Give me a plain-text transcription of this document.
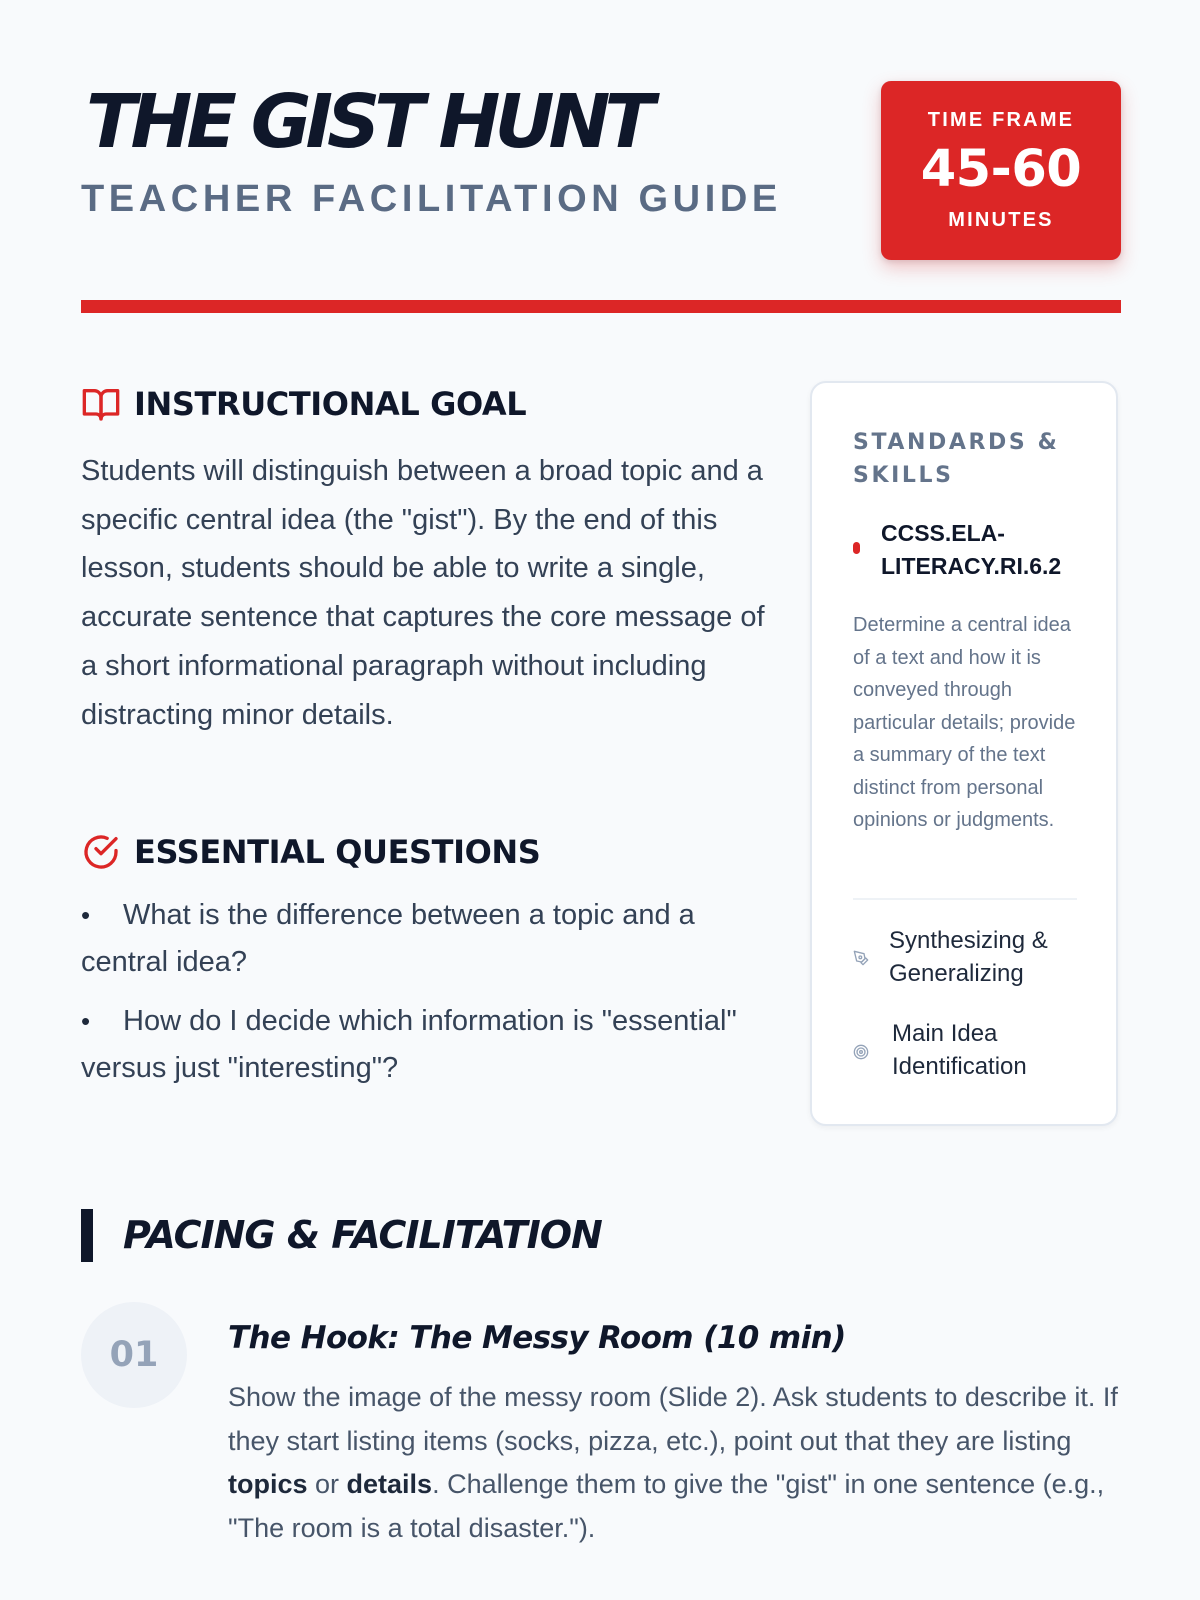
THE GIST HUNT
TEACHER FACILITATION GUIDE
TIME FRAME
45-60
MINUTES
INSTRUCTIONAL GOAL

Students will distinguish between a broad topic and a specific central idea (the "gist"). By the end of this lesson, students should be able to write a single, accurate sentence that captures the core message of a short informational paragraph without including distracting minor details.

ESSENTIAL QUESTIONS
• What is the difference between a topic and a central idea?
• How do I decide which information is "essential" versus just "interesting"?
STANDARDS & SKILLS
CCSS.ELA-LITERACY.RI.6.2

Determine a central idea of a text and how it is conveyed through particular details; provide a summary of the text distinct from personal opinions or judgments.

Synthesizing & Generalizing
Main Idea Identification
PACING & FACILITATION
01	The Hook: The Messy Room (10 min)

Show the image of the messy room (Slide 2). Ask students to describe it. If they start listing items (socks, pizza, etc.), point out that they are listing topics or details. Challenge them to give the "gist" in one sentence (e.g., "The room is a total disaster.").
